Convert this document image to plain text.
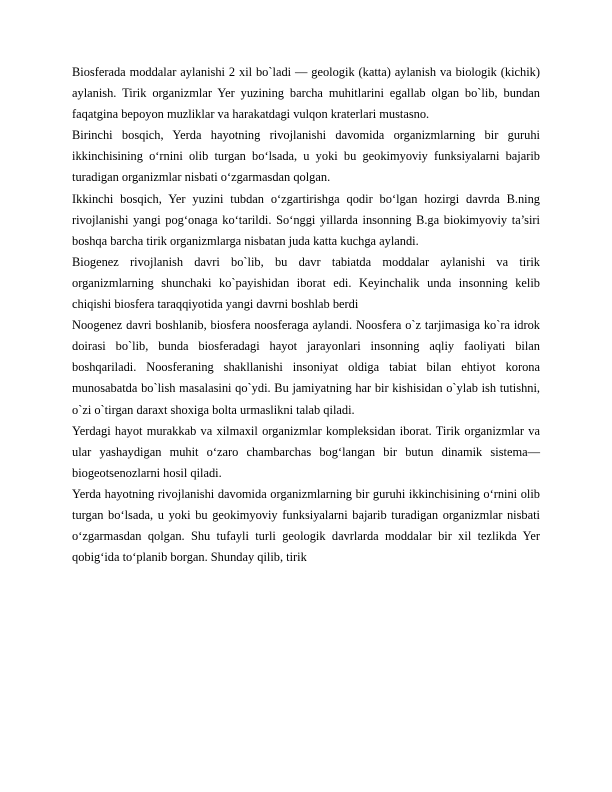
Biosferada moddalar aylanishi 2 xil bo`ladi — geologik (katta) aylanish va biologik (kichik) aylanish. Tirik organizmlar Yer yuzining barcha muhitlarini egallab olgan bo`lib, bundan faqatgina bepoyon muzliklar va harakatdagi vulqon kraterlari mustasno.

Birinchi bosqich, Yerda hayotning rivojlanishi davomida organizmlarning bir guruhi ikkinchisining o‘rnini olib turgan bo‘lsada, u yoki bu geokimyoviy funksiyalarni bajarib turadigan organizmlar nisbati o‘zgarmasdan qolgan.

Ikkinchi bosqich, Yer yuzini tubdan o‘zgartirishga qodir bo‘lgan hozirgi davrda B.ning rivojlanishi yangi pog‘onaga ko‘tarildi. So‘nggi yillarda insonning B.ga biokimyoviy ta’siri boshqa barcha tirik organizmlarga nisbatan juda katta kuchga aylandi.

Biogenez rivojlanish davri bo`lib, bu davr tabiatda moddalar aylanishi va tirik organizmlarning shunchaki ko`payishidan iborat edi. Keyinchalik unda insonning kelib chiqishi biosfera taraqqiyotida yangi davrni boshlab berdi

Noogenez davri boshlanib, biosfera noosferaga aylandi. Noosfera o`z tarjimasiga ko`ra idrok doirasi bo`lib, bunda biosferadagi hayot jarayonlari insonning aqliy faoliyati bilan boshqariladi. Noosferaning shakllanishi insoniyat oldiga tabiat bilan ehtiyot korona munosabatda bo`lish masalasini qo`ydi. Bu jamiyatning har bir kishisidan o`ylab ish tutishni, o`zi o`tirgan daraxt shoxiga bolta urmaslikni talab qiladi.

Yerdagi hayot murakkab va xilmaxil organizmlar kompleksidan iborat. Tirik organizmlar va ular yashaydigan muhit o‘zaro chambarchas bog‘langan bir butun dinamik sistema—biogeotsenozlarni hosil qiladi.

Yerda hayotning rivojlanishi davomida organizmlarning bir guruhi ikkinchisining o‘rnini olib turgan bo‘lsada, u yoki bu geokimyoviy funksiyalarni bajarib turadigan organizmlar nisbati o‘zgarmasdan qolgan. Shu tufayli turli geologik davrlarda moddalar bir xil tezlikda Yer qobig‘ida to‘planib borgan. Shunday qilib, tirik
